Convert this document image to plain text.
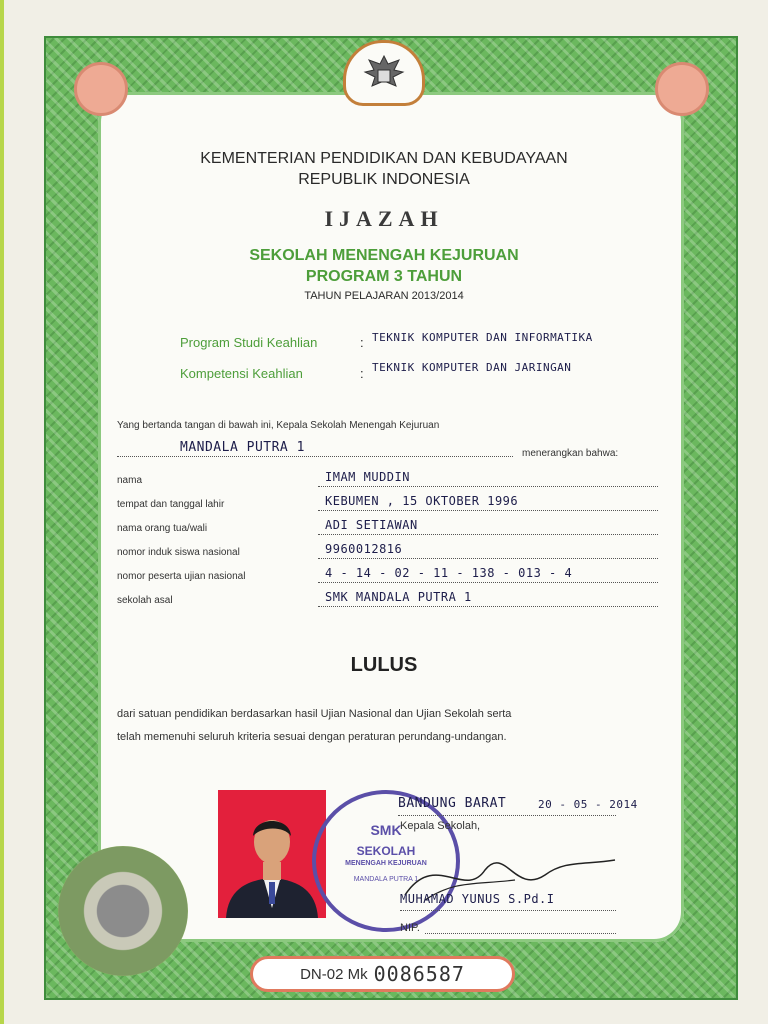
KEMENTERIAN PENDIDIKAN DAN KEBUDAYAAN
REPUBLIK INDONESIA
IJAZAH
SEKOLAH MENENGAH KEJURUAN
PROGRAM 3 TAHUN
TAHUN PELAJARAN 2013/2014
Program Studi Keahlian	: TEKNIK KOMPUTER DAN INFORMATIKA
Kompetensi Keahlian	: TEKNIK KOMPUTER DAN JARINGAN
Yang bertanda tangan di bawah ini, Kepala Sekolah Menengah Kejuruan
MANDALA PUTRA 1	menerangkan bahwa:
nama	IMAM MUDDIN
tempat dan tanggal lahir	KEBUMEN , 15 OKTOBER 1996
nama orang tua/wali	ADI SETIAWAN
nomor induk siswa nasional	9960012816
nomor peserta ujian nasional	4 - 14 - 02 - 11 - 138 - 013 - 4
sekolah asal	SMK MANDALA PUTRA 1
LULUS
dari satuan pendidikan berdasarkan hasil Ujian Nasional dan Ujian Sekolah serta
telah memenuhi seluruh kriteria sesuai dengan peraturan perundang-undangan.
SMK
SEKOLAH
MENENGAH KEJURUAN
MANDALA PUTRA 1
BANDUNG BARAT	20 - 05 - 2014
Kepala Sekolah,
MUHAMAD YUNUS S.Pd.I
NIP.
DN-02 Mk 0086587
